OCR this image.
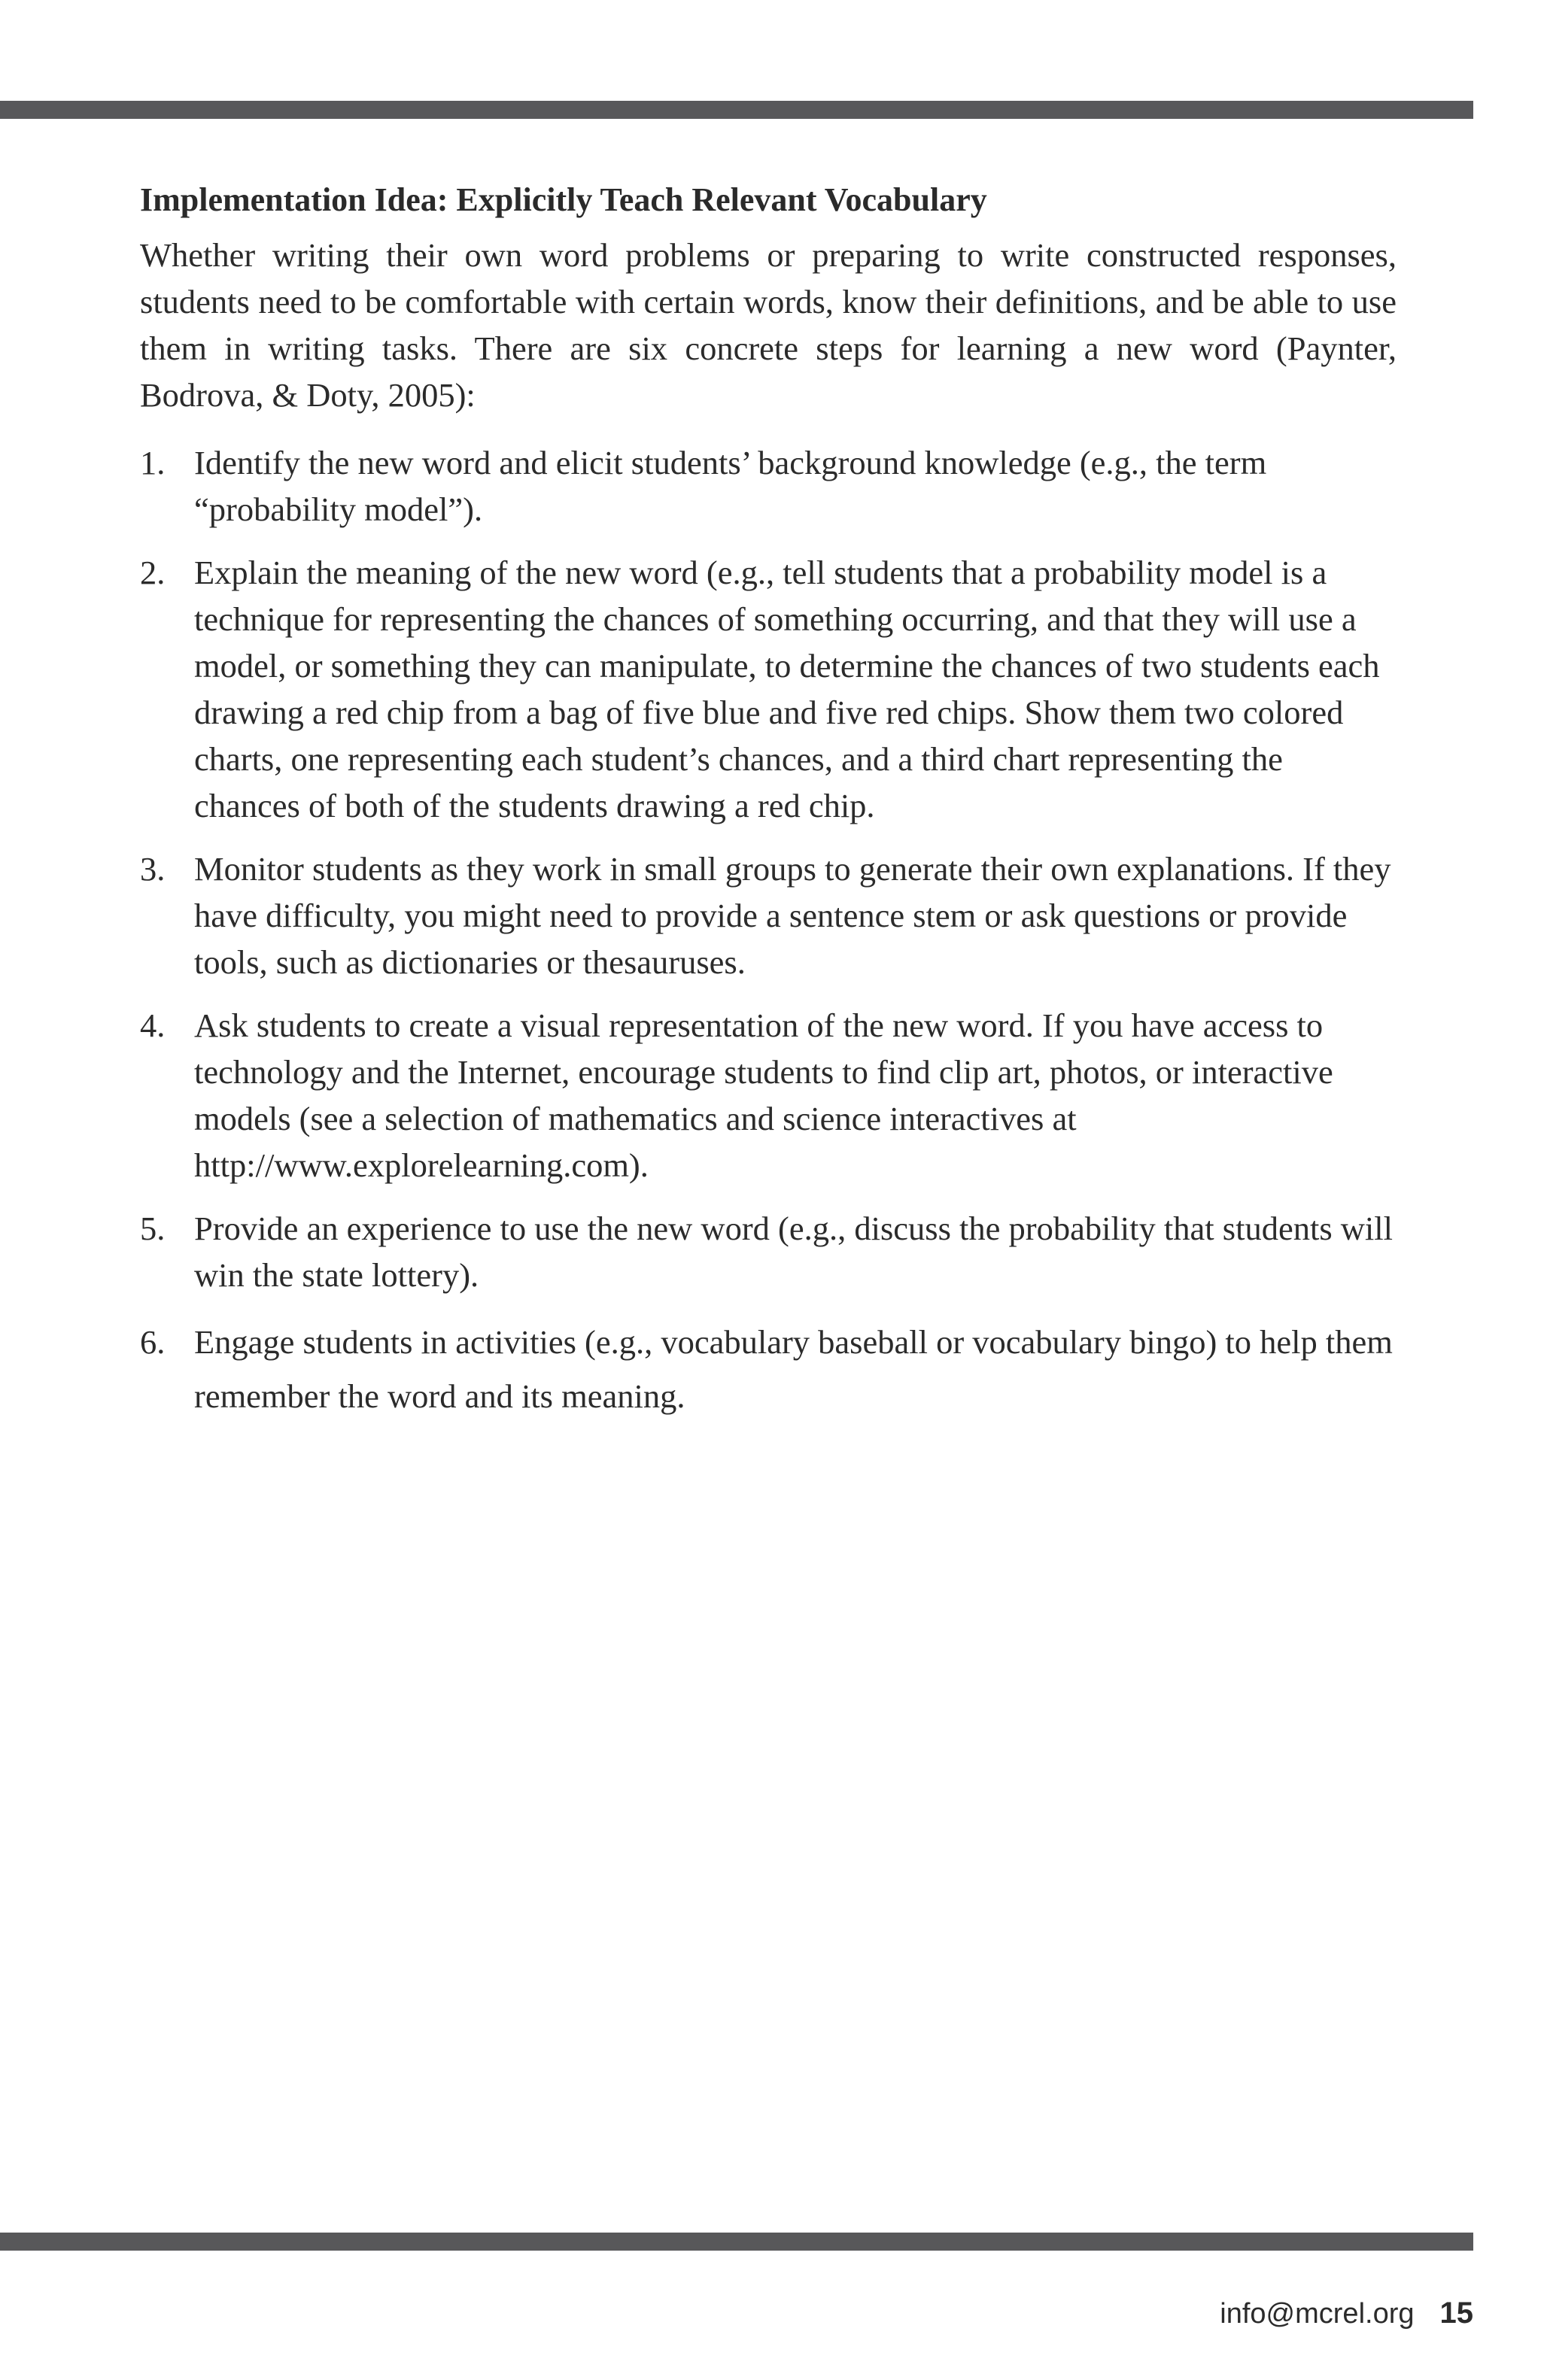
Implementation Idea: Explicitly Teach Relevant Vocabulary

Whether writing their own word problems or preparing to write constructed responses, students need to be comfortable with certain words, know their definitions, and be able to use them in writing tasks. There are six concrete steps for learning a new word (Paynter, Bodrova, & Doty, 2005):

1. Identify the new word and elicit students’ background knowledge (e.g., the term “probability model”).
2. Explain the meaning of the new word (e.g., tell students that a probability model is a technique for representing the chances of something occurring, and that they will use a model, or something they can manipulate, to determine the chances of two students each drawing a red chip from a bag of five blue and five red chips. Show them two colored charts, one representing each student’s chances, and a third chart representing the chances of both of the students drawing a red chip.
3. Monitor students as they work in small groups to generate their own explanations. If they have difficulty, you might need to provide a sentence stem or ask questions or provide tools, such as dictionaries or thesauruses.
4. Ask students to create a visual representation of the new word. If you have access to technology and the Internet, encourage students to find clip art, photos, or interactive models (see a selection of mathematics and science interactives at http://www.explorelearning.com).
5. Provide an experience to use the new word (e.g., discuss the probability that students will win the state lottery).
6. Engage students in activities (e.g., vocabulary baseball or vocabulary bingo) to help them remember the word and its meaning.
info@mcrel.org 15
